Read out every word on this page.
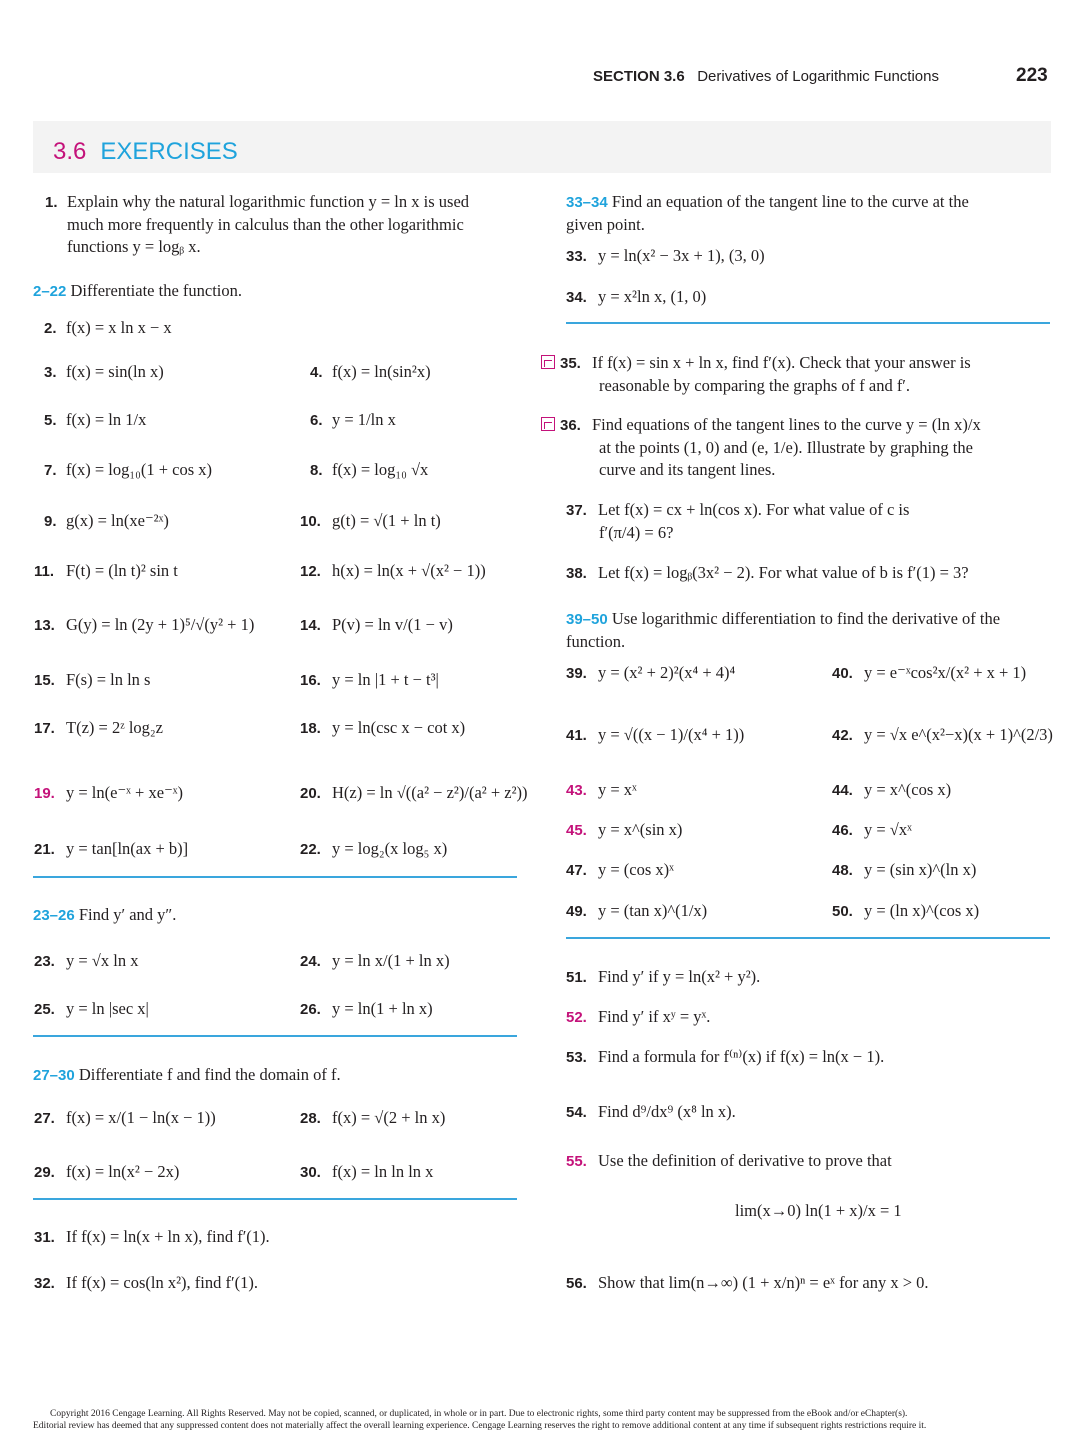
SECTION 3.6 Derivatives of Logarithmic Functions	223
3.6 EXERCISES
1. Explain why the natural logarithmic function y = ln x is used
much more frequently in calculus than the other logarithmic
functions y = logᵦ x.
2–22 Differentiate the function.
2. f(x) = x ln x − x
3. f(x) = sin(ln x)	4. f(x) = ln(sin²x)
5. f(x) = ln 1/x	6. y = 1/ln x
7. f(x) = log₁₀(1 + cos x)	8. f(x) = log₁₀ √x
9. g(x) = ln(xe⁻²ˣ)	10. g(t) = √(1 + ln t)
11. F(t) = (ln t)² sin t	12. h(x) = ln(x + √(x² − 1))
13. G(y) = ln (2y + 1)⁵/√(y² + 1)	14. P(v) = ln v/(1 − v)
15. F(s) = ln ln s	16. y = ln |1 + t − t³|
17. T(z) = 2ᶻ log₂z	18. y = ln(csc x − cot x)
19. y = ln(e⁻ˣ + xe⁻ˣ)	20. H(z) = ln √((a² − z²)/(a² + z²))
21. y = tan[ln(ax + b)]	22. y = log₂(x log₅ x)
23–26 Find y′ and y″.
23. y = √x ln x	24. y = ln x/(1 + ln x)
25. y = ln |sec x|	26. y = ln(1 + ln x)
27–30 Differentiate f and find the domain of f.
27. f(x) = x/(1 − ln(x − 1))	28. f(x) = √(2 + ln x)
29. f(x) = ln(x² − 2x)	30. f(x) = ln ln ln x
31. If f(x) = ln(x + ln x), find f′(1).
32. If f(x) = cos(ln x²), find f′(1).
33–34 Find an equation of the tangent line to the curve at the
given point.
33. y = ln(x² − 3x + 1), (3, 0)
34. y = x²ln x, (1, 0)
35. If f(x) = sin x + ln x, find f′(x). Check that your answer is
reasonable by comparing the graphs of f and f′.
36. Find equations of the tangent lines to the curve y = (ln x)/x
at the points (1, 0) and (e, 1/e). Illustrate by graphing the
curve and its tangent lines.
37. Let f(x) = cx + ln(cos x). For what value of c is
f′(π/4) = 6?
38. Let f(x) = logᵦ(3x² − 2). For what value of b is f′(1) = 3?
39–50 Use logarithmic differentiation to find the derivative of the
function.
39. y = (x² + 2)²(x⁴ + 4)⁴	40. y = e⁻ˣcos²x/(x² + x + 1)
41. y = √((x − 1)/(x⁴ + 1))	42. y = √x e^(x²−x)(x + 1)^(2/3)
43. y = xˣ	44. y = x^(cos x)
45. y = x^(sin x)	46. y = √xˣ
47. y = (cos x)ˣ	48. y = (sin x)^(ln x)
49. y = (tan x)^(1/x)	50. y = (ln x)^(cos x)
51. Find y′ if y = ln(x² + y²).
52. Find y′ if xʸ = yˣ.
53. Find a formula for f⁽ⁿ⁾(x) if f(x) = ln(x − 1).
54. Find d⁹/dx⁹ (x⁸ ln x).
55. Use the definition of derivative to prove that
lim(x→0) ln(1 + x)/x = 1
56. Show that lim(n→∞) (1 + x/n)ⁿ = eˣ for any x > 0.
Copyright 2016 Cengage Learning. All Rights Reserved. May not be copied, scanned, or duplicated, in whole or in part. Due to electronic rights, some third party content may be suppressed from the eBook and/or eChapter(s).
Editorial review has deemed that any suppressed content does not materially affect the overall learning experience. Cengage Learning reserves the right to remove additional content at any time if subsequent rights restrictions require it.
